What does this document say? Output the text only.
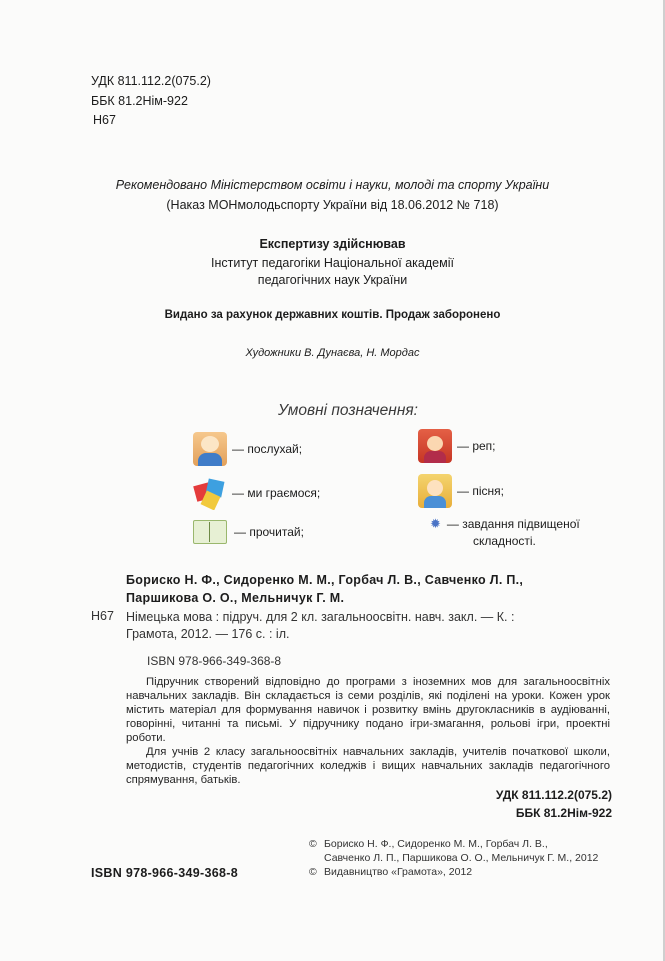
УДК 811.112.2(075.2)
ББК 81.2Нім-922
Н67
Рекомендовано Міністерством освіти і науки, молоді та спорту України
(Наказ МОНмолодьспорту України від 18.06.2012 № 718)
Експертизу здійснював
Інститут педагогіки Національної академії
педагогічних наук України
Видано за рахунок державних коштів. Продаж заборонено
Художники В. Дунаєва, Н. Мордас
Умовні позначення:
— послухай;
— ми граємося;
— прочитай;
— реп;
— пісня;
✹ — завдання підвищеної
складності.
Бориско Н. Ф., Сидоренко М. М., Горбач Л. В., Савченко Л. П.,
Паршикова О. О., Мельничук Г. М.
Н67 Німецька мова : підруч. для 2 кл. загальноосвітн. навч. закл. — К. :
Грамота, 2012. — 176 с. : іл.
ISBN 978-966-349-368-8

Підручник створений відповідно до програми з іноземних мов для загальноосвітніх навчальних закладів. Він складається із семи розділів, які поділені на уроки. Кожен урок містить матеріал для формування навичок і розвитку вмінь другокласників в аудіюванні, говорінні, читанні та письмі. У підручнику подано ігри-змагання, рольові ігри, проектні роботи.

Для учнів 2 класу загальноосвітніх навчальних закладів, учителів початкової школи, методистів, студентів педагогічних коледжів і вищих навчальних закладів педагогічного спрямування, батьків.

УДК 811.112.2(075.2)
ББК 81.2Нім-922
© Бориско Н. Ф., Сидоренко М. М., Горбач Л. В.,
Савченко Л. П., Паршикова О. О., Мельничук Г. М., 2012
© Видавництво «Грамота», 2012
ISBN 978-966-349-368-8
